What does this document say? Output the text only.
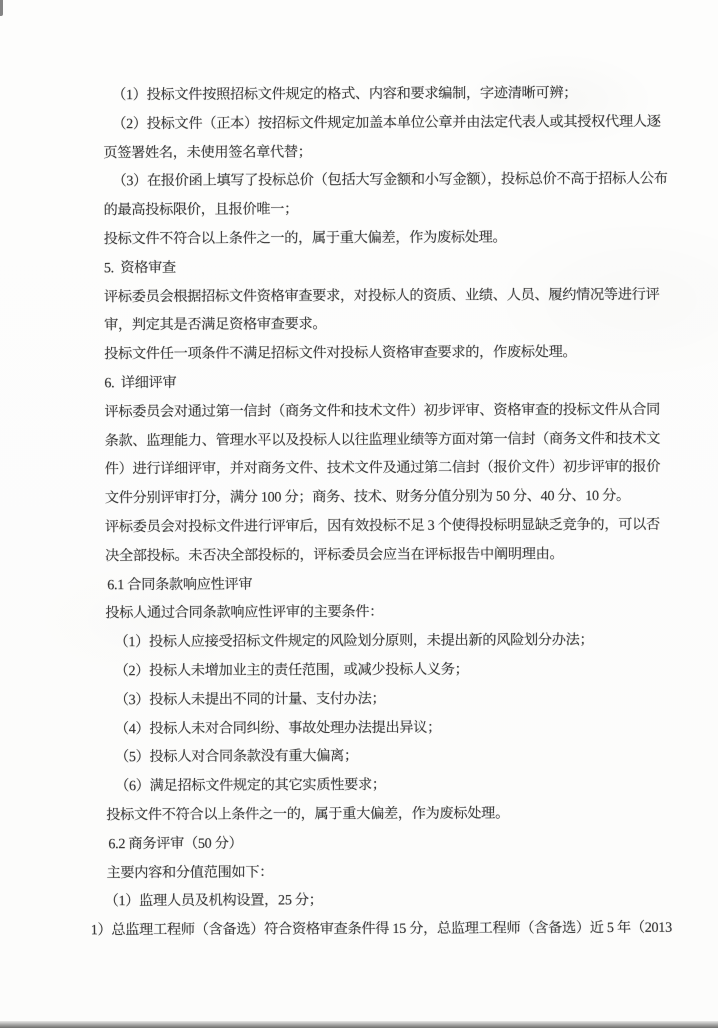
（1）投标文件按照招标文件规定的格式、内容和要求编制，字迹清晰可辨；
（2）投标文件（正本）按招标文件规定加盖本单位公章并由法定代表人或其授权代理人逐
页签署姓名，未使用签名章代替；
（3）在报价函上填写了投标总价（包括大写金额和小写金额），投标总价不高于招标人公布
的最高投标限价，且报价唯一；
投标文件不符合以上条件之一的，属于重大偏差，作为废标处理。
5.  资格审查
评标委员会根据招标文件资格审查要求，对投标人的资质、业绩、人员、履约情况等进行评
审，判定其是否满足资格审查要求。
投标文件任一项条件不满足招标文件对投标人资格审查要求的，作废标处理。
6.  详细评审
评标委员会对通过第一信封（商务文件和技术文件）初步评审、资格审查的投标文件从合同
条款、监理能力、管理水平以及投标人以往监理业绩等方面对第一信封（商务文件和技术文
件）进行详细评审，并对商务文件、技术文件及通过第二信封（报价文件）初步评审的报价
文件分别评审打分，满分 100 分；商务、技术、财务分值分别为 50 分、40 分、10 分。
评标委员会对投标文件进行评审后，因有效投标不足 3 个使得投标明显缺乏竞争的，可以否
决全部投标。未否决全部投标的，评标委员会应当在评标报告中阐明理由。
6.1 合同条款响应性评审
投标人通过合同条款响应性评审的主要条件：
（1）投标人应接受招标文件规定的风险划分原则，未提出新的风险划分办法；
（2）投标人未增加业主的责任范围，或减少投标人义务；
（3）投标人未提出不同的计量、支付办法；
（4）投标人未对合同纠纷、事故处理办法提出异议；
（5）投标人对合同条款没有重大偏离；
（6）满足招标文件规定的其它实质性要求；
投标文件不符合以上条件之一的，属于重大偏差，作为废标处理。
6.2 商务评审（50 分）
主要内容和分值范围如下：
（1）监理人员及机构设置，25 分；
1）总监理工程师（含备选）符合资格审查条件得 15 分，总监理工程师（含备选）近 5 年（2013
